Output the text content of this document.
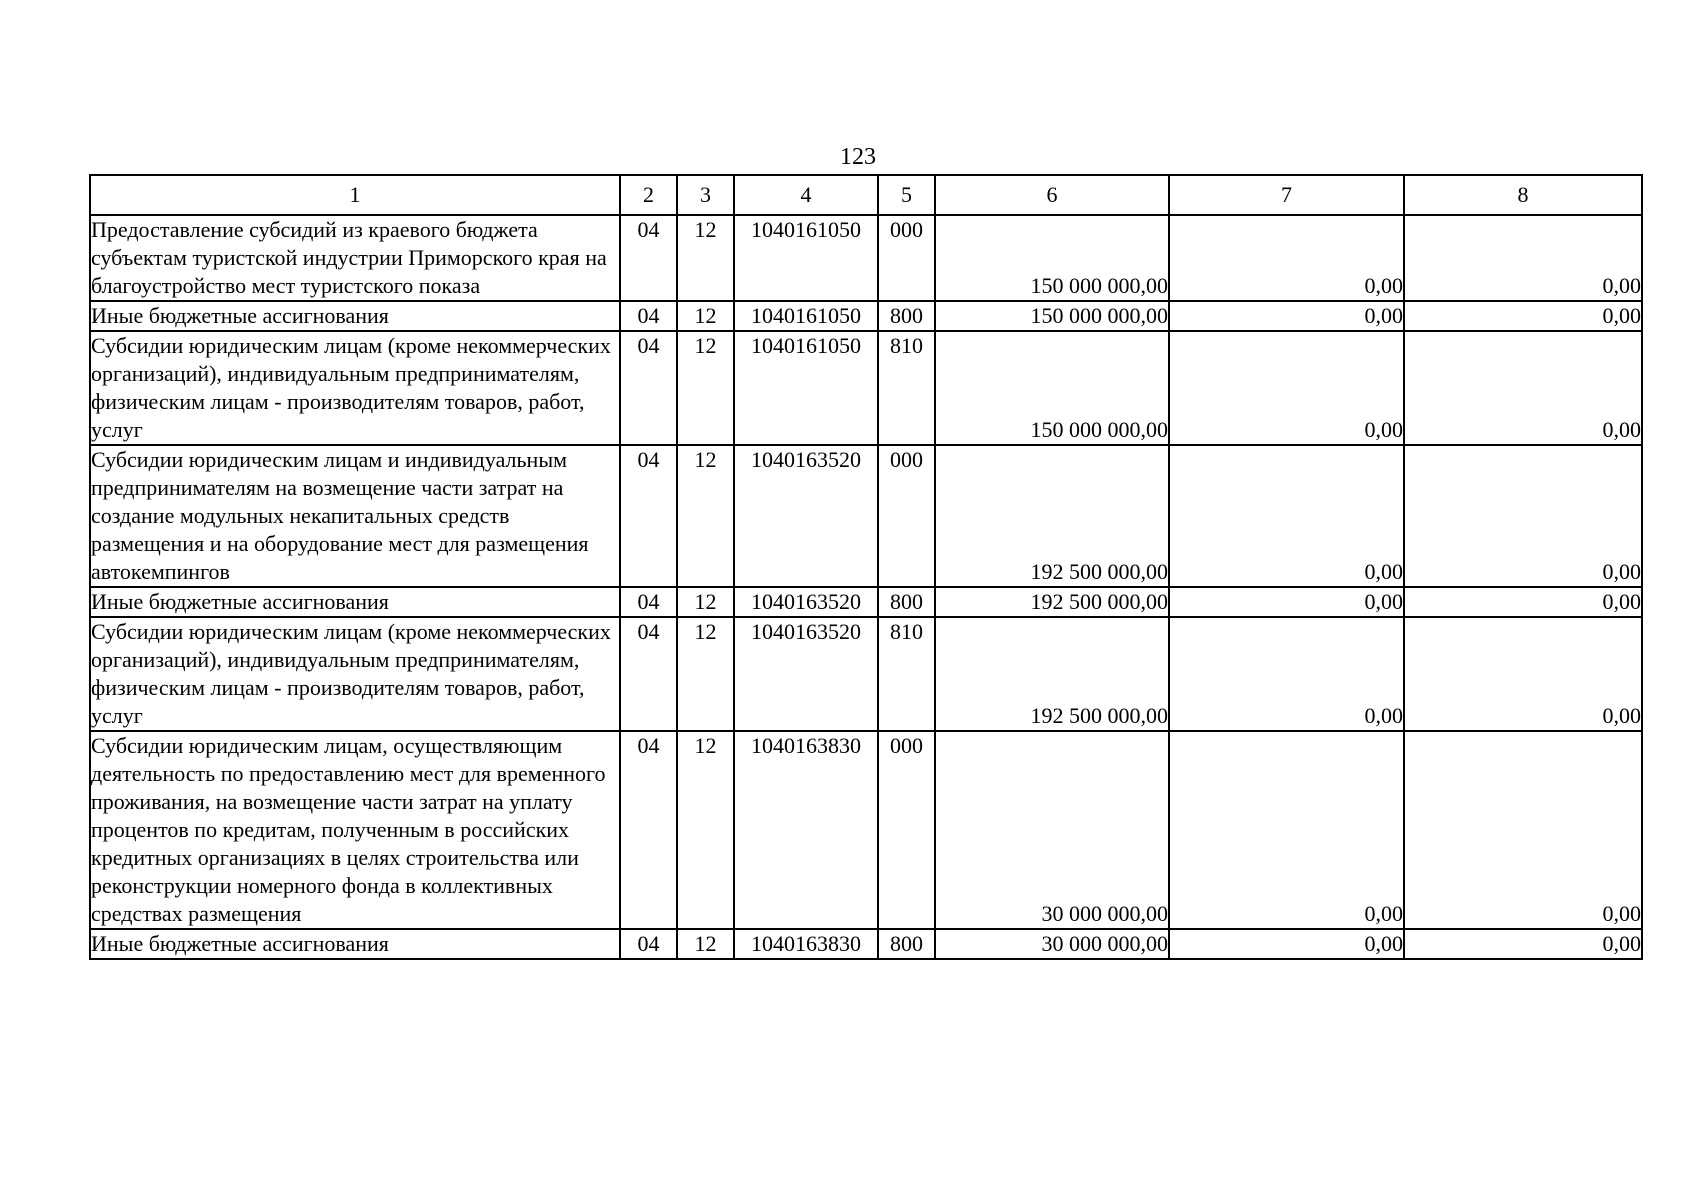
123
1	2	3	4	5	6	7	8
Предоставление субсидий из краевого бюджета субъектам туристской индустрии Приморского края на благоустройство мест туристского показа	04	12	1040161050	000	150 000 000,00	0,00	0,00
Иные бюджетные ассигнования	04	12	1040161050	800	150 000 000,00	0,00	0,00
Субсидии юридическим лицам (кроме некоммерческих организаций), индивидуальным предпринимателям, физическим лицам - производителям товаров, работ, услуг	04	12	1040161050	810	150 000 000,00	0,00	0,00
Субсидии юридическим лицам и индивидуальным предпринимателям на возмещение части затрат на создание модульных некапитальных средств размещения и на оборудование мест для размещения автокемпингов	04	12	1040163520	000	192 500 000,00	0,00	0,00
Иные бюджетные ассигнования	04	12	1040163520	800	192 500 000,00	0,00	0,00
Субсидии юридическим лицам (кроме некоммерческих организаций), индивидуальным предпринимателям, физическим лицам - производителям товаров, работ, услуг	04	12	1040163520	810	192 500 000,00	0,00	0,00
Субсидии юридическим лицам, осуществляющим деятельность по предоставлению мест для временного проживания, на возмещение части затрат на уплату процентов по кредитам, полученным в российских кредитных организациях в целях строительства или реконструкции номерного фонда в коллективных средствах размещения	04	12	1040163830	000	30 000 000,00	0,00	0,00
Иные бюджетные ассигнования	04	12	1040163830	800	30 000 000,00	0,00	0,00
